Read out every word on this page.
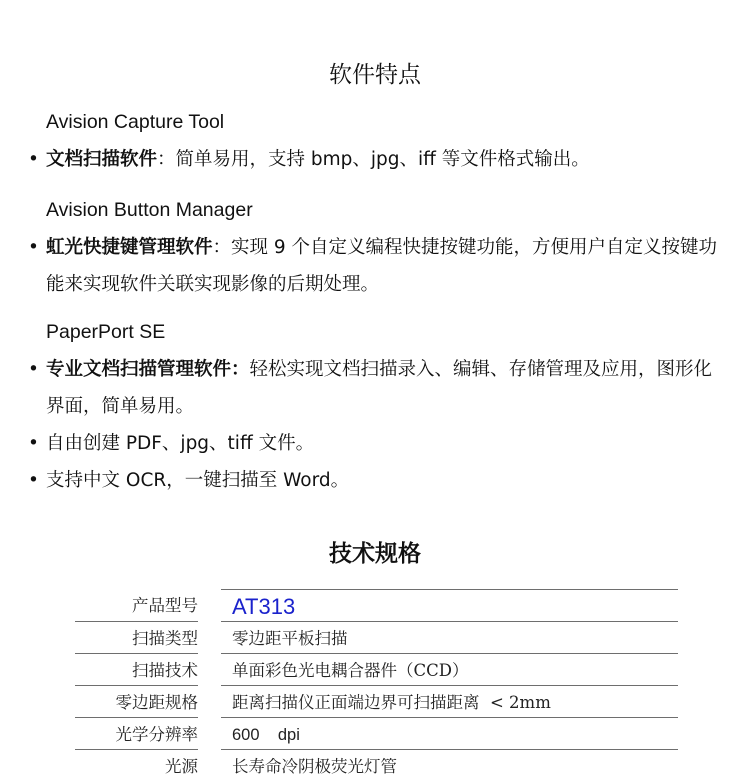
软件特点
Avision Capture Tool
• 文档扫描软件：简单易用，支持 bmp、jpg、iff 等文件格式输出。
Avision Button Manager
• 虹光快捷键管理软件：实现 9 个自定义编程快捷按键功能，方便用户自定义按键功能来实现软件关联实现影像的后期处理。
PaperPort SE
• 专业文档扫描管理软件：轻松实现文档扫描录入、编辑、存储管理及应用，图形化界面，简单易用。
• 自由创建 PDF、jpg、tiff 文件。
• 支持中文 OCR，一键扫描至 Word。
技术规格
产品型号	AT313
扫描类型	零边距平板扫描
扫描技术	单面彩色光电耦合器件（CCD）
零边距规格	距离扫描仪正面端边界可扫描距离  < 2mm
光学分辨率	600    dpi
光源	长寿命冷阴极荧光灯管
